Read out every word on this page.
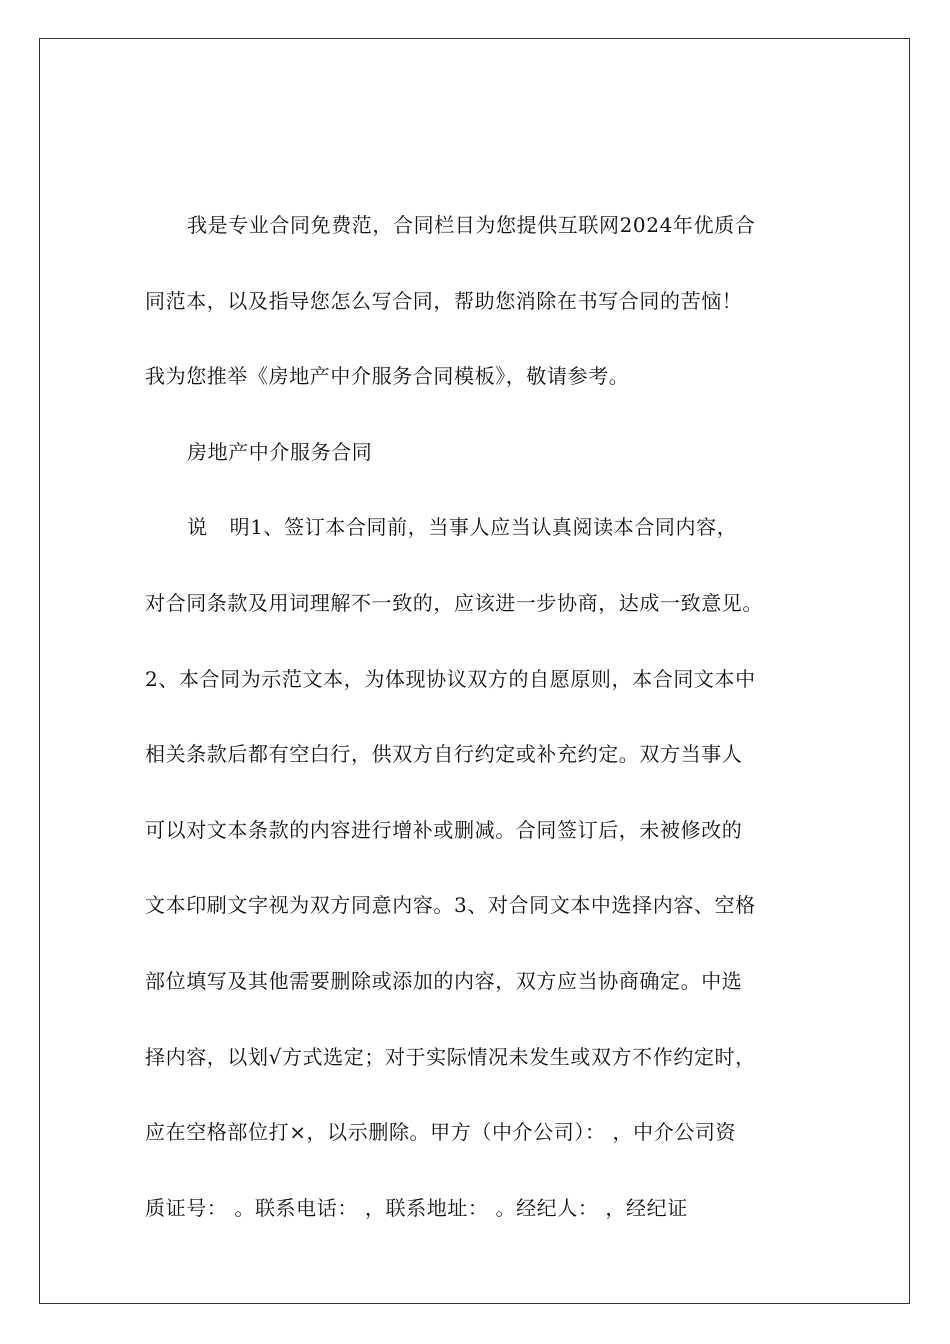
我是专业合同免费范，合同栏目为您提供互联网2024年优质合
同范本，以及指导您怎么写合同，帮助您消除在书写合同的苦恼！
我为您推举《房地产中介服务合同模板》，敬请参考。
房地产中介服务合同
说 明1、签订本合同前，当事人应当认真阅读本合同内容，
对合同条款及用词理解不一致的，应该进一步协商，达成一致意见。
2、本合同为示范文本，为体现协议双方的自愿原则，本合同文本中
相关条款后都有空白行，供双方自行约定或补充约定。双方当事人
可以对文本条款的内容进行增补或删减。合同签订后，未被修改的
文本印刷文字视为双方同意内容。3、对合同文本中选择内容、空格
部位填写及其他需要删除或添加的内容，双方应当协商确定。中选
择内容，以划√方式选定；对于实际情况未发生或双方不作约定时，
应在空格部位打×，以示删除。甲方（中介公司）： ，中介公司资
质证号： 。联系电话： ，联系地址： 。经纪人： ，经纪证
